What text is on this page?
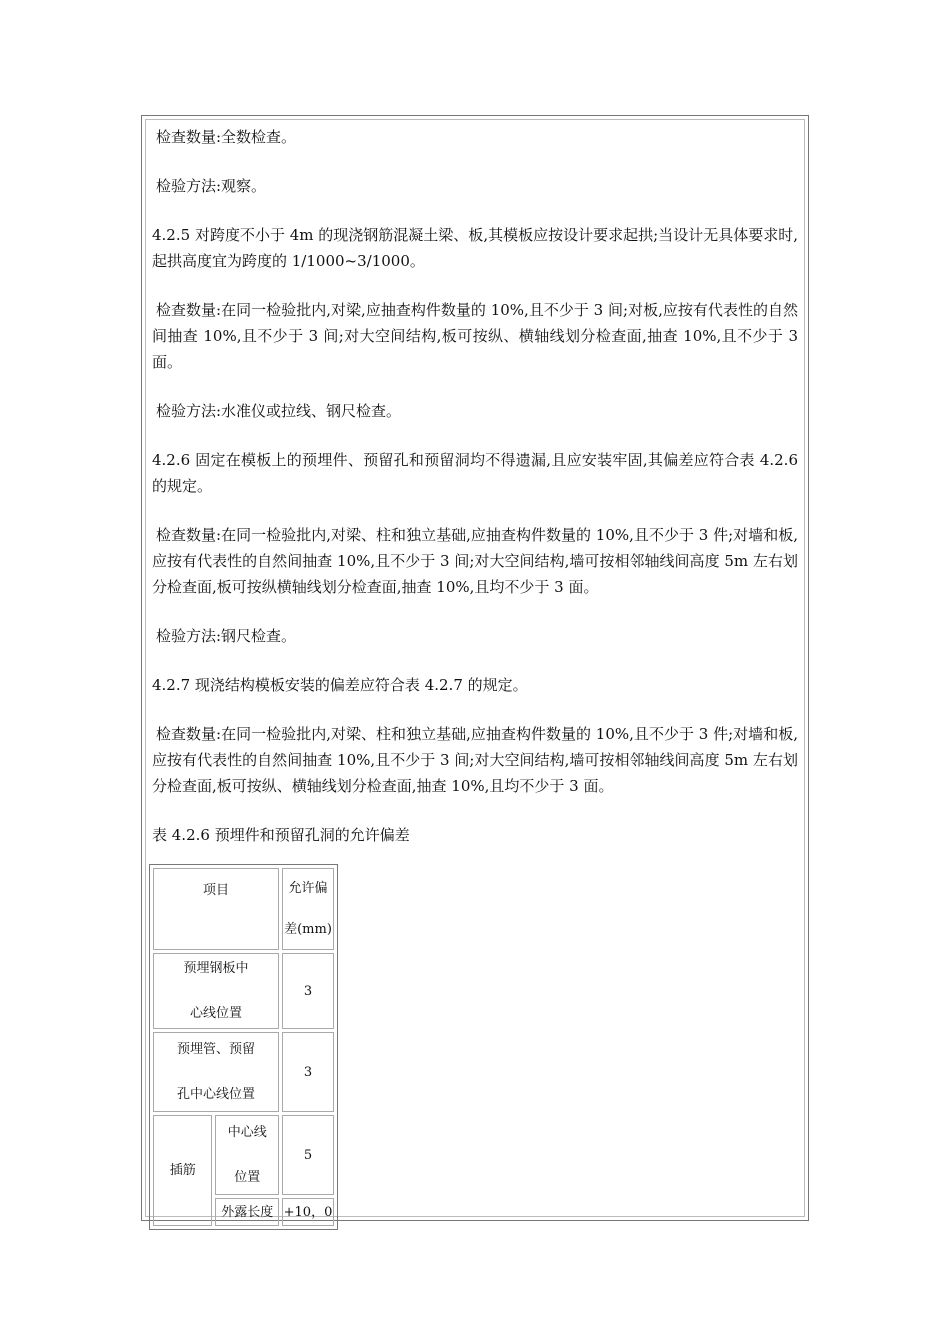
检查数量:全数检查。

检验方法:观察。

4.2.5 对跨度不小于 4m 的现浇钢筋混凝土梁、板,其模板应按设计要求起拱;当设计无具体要求时,起拱高度宜为跨度的 1/1000~3/1000。

检查数量:在同一检验批内,对梁,应抽查构件数量的 10%,且不少于 3 间;对板,应按有代表性的自然间抽查 10%,且不少于 3 间;对大空间结构,板可按纵、横轴线划分检查面,抽查 10%,且不少于 3 面。

检验方法:水准仪或拉线、钢尺检查。

4.2.6 固定在模板上的预埋件、预留孔和预留洞均不得遗漏,且应安装牢固,其偏差应符合表 4.2.6 的规定。

检查数量:在同一检验批内,对梁、柱和独立基础,应抽查构件数量的 10%,且不少于 3 件;对墙和板,应按有代表性的自然间抽查 10%,且不少于 3 间;对大空间结构,墙可按相邻轴线间高度 5m 左右划分检查面,板可按纵横轴线划分检查面,抽查 10%,且均不少于 3 面。

检验方法:钢尺检查。

4.2.7 现浇结构模板安装的偏差应符合表 4.2.7 的规定。

检查数量:在同一检验批内,对梁、柱和独立基础,应抽查构件数量的 10%,且不少于 3 件;对墙和板,应按有代表性的自然间抽查 10%,且不少于 3 间;对大空间结构,墙可按相邻轴线间高度 5m 左右划分检查面,板可按纵、横轴线划分检查面,抽查 10%,且均不少于 3 面。

表 4.2.6 预埋件和预留孔洞的允许偏差

项目		允许偏
差(mm)

预埋钢板中
心线位置		3

预埋管、预留
孔中心线位置		3
插筋	中心线
位置	5
	外露长度	+10，0
